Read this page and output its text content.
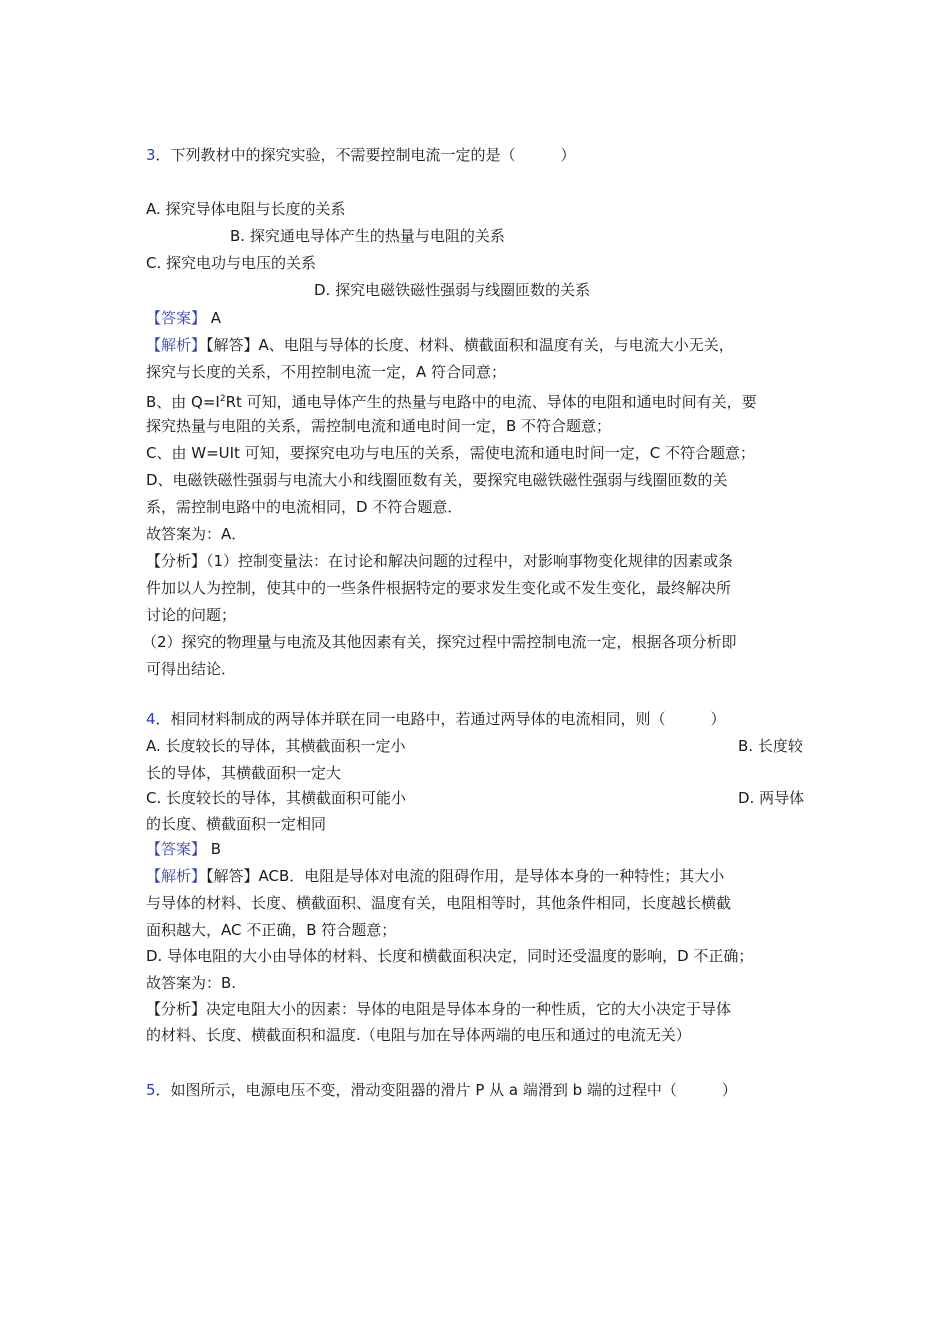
3．下列教材中的探究实验，不需要控制电流一定的是（　　　）
A. 探究导体电阻与长度的关系
B. 探究通电导体产生的热量与电阻的关系
C. 探究电功与电压的关系
D. 探究电磁铁磁性强弱与线圈匝数的关系
【答案】 A
【解析】【解答】A、电阻与导体的长度、材料、横截面积和温度有关，与电流大小无关，
探究与长度的关系，不用控制电流一定，A 符合同意；
B、由 $Q=I^2Rt$ 可知，通电导体产生的热量与电路中的电流、导体的电阻和通电时间有关，要
探究热量与电阻的关系，需控制电流和通电时间一定，B 不符合题意；
C、由 W=UIt 可知，要探究电功与电压的关系，需使电流和通电时间一定，C 不符合题意；
D、电磁铁磁性强弱与电流大小和线圈匝数有关，要探究电磁铁磁性强弱与线圈匝数的关
系，需控制电路中的电流相同，D 不符合题意．
故答案为：A．
【分析】（1）控制变量法：在讨论和解决问题的过程中，对影响事物变化规律的因素或条
件加以人为控制，使其中的一些条件根据特定的要求发生变化或不发生变化，最终解决所
讨论的问题；
（2）探究的物理量与电流及其他因素有关，探究过程中需控制电流一定，根据各项分析即
可得出结论．
4．相同材料制成的两导体并联在同一电路中，若通过两导体的电流相同，则（　　　）
A. 长度较长的导体，其横截面积一定小	B. 长度较
长的导体，其横截面积一定大
C. 长度较长的导体，其横截面积可能小	D. 两导体
的长度、横截面积一定相同
【答案】 B
【解析】【解答】ACB．电阻是导体对电流的阻碍作用，是导体本身的一种特性；其大小
与导体的材料、长度、横截面积、温度有关，电阻相等时，其他条件相同，长度越长横截
面积越大，AC 不正确，B 符合题意；
D. 导体电阻的大小由导体的材料、长度和横截面积决定，同时还受温度的影响，D 不正确；
故答案为：B.
【分析】决定电阻大小的因素：导体的电阻是导体本身的一种性质，它的大小决定于导体
的材料、长度、横截面积和温度.（电阻与加在导体两端的电压和通过的电流无关）
5．如图所示，电源电压不变，滑动变阻器的滑片 P 从 a 端滑到 b 端的过程中（　　　）
